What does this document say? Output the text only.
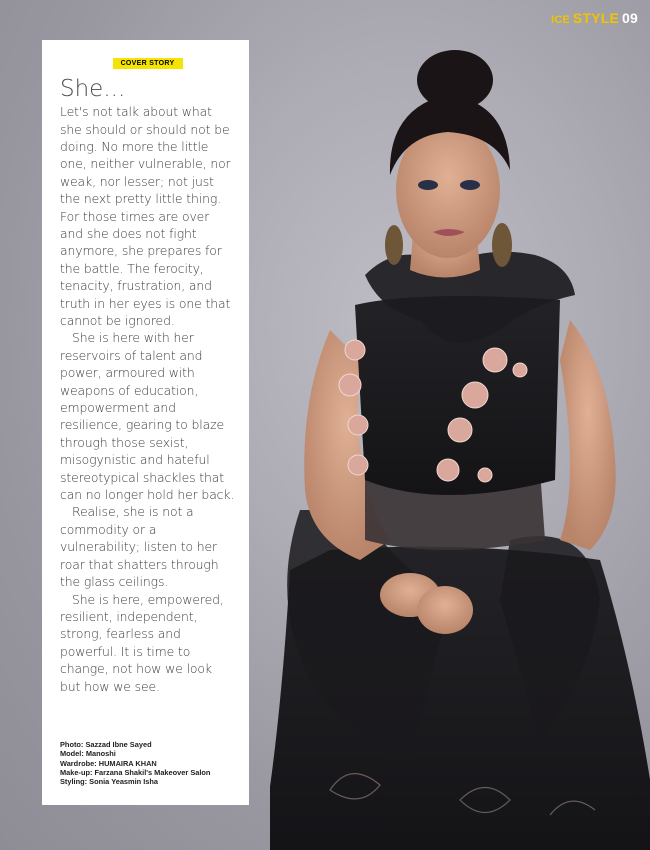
ICE STYLE 09
COVER STORY
She...

Let's not talk about what she should or should not be doing. No more the little one, neither vulnerable, nor weak, nor lesser; not just the next pretty little thing. For those times are over and she does not fight anymore, she prepares for the battle. The ferocity, tenacity, frustration, and truth in her eyes is one that cannot be ignored.

She is here with her reservoirs of talent and power, armoured with weapons of education, empowerment and resilience, gearing to blaze through those sexist, misogynistic and hateful stereotypical shackles that can no longer hold her back.

Realise, she is not a commodity or a vulnerability; listen to her roar that shatters through the glass ceilings.

She is here, empowered, resilient, independent, strong, fearless and powerful. It is time to change, not how we look but how we see.

Photo: Sazzad Ibne Sayed
Model: Manoshi
Wardrobe: HUMAIRA KHAN
Make-up: Farzana Shakil's Makeover Salon
Styling: Sonia Yeasmin Isha
